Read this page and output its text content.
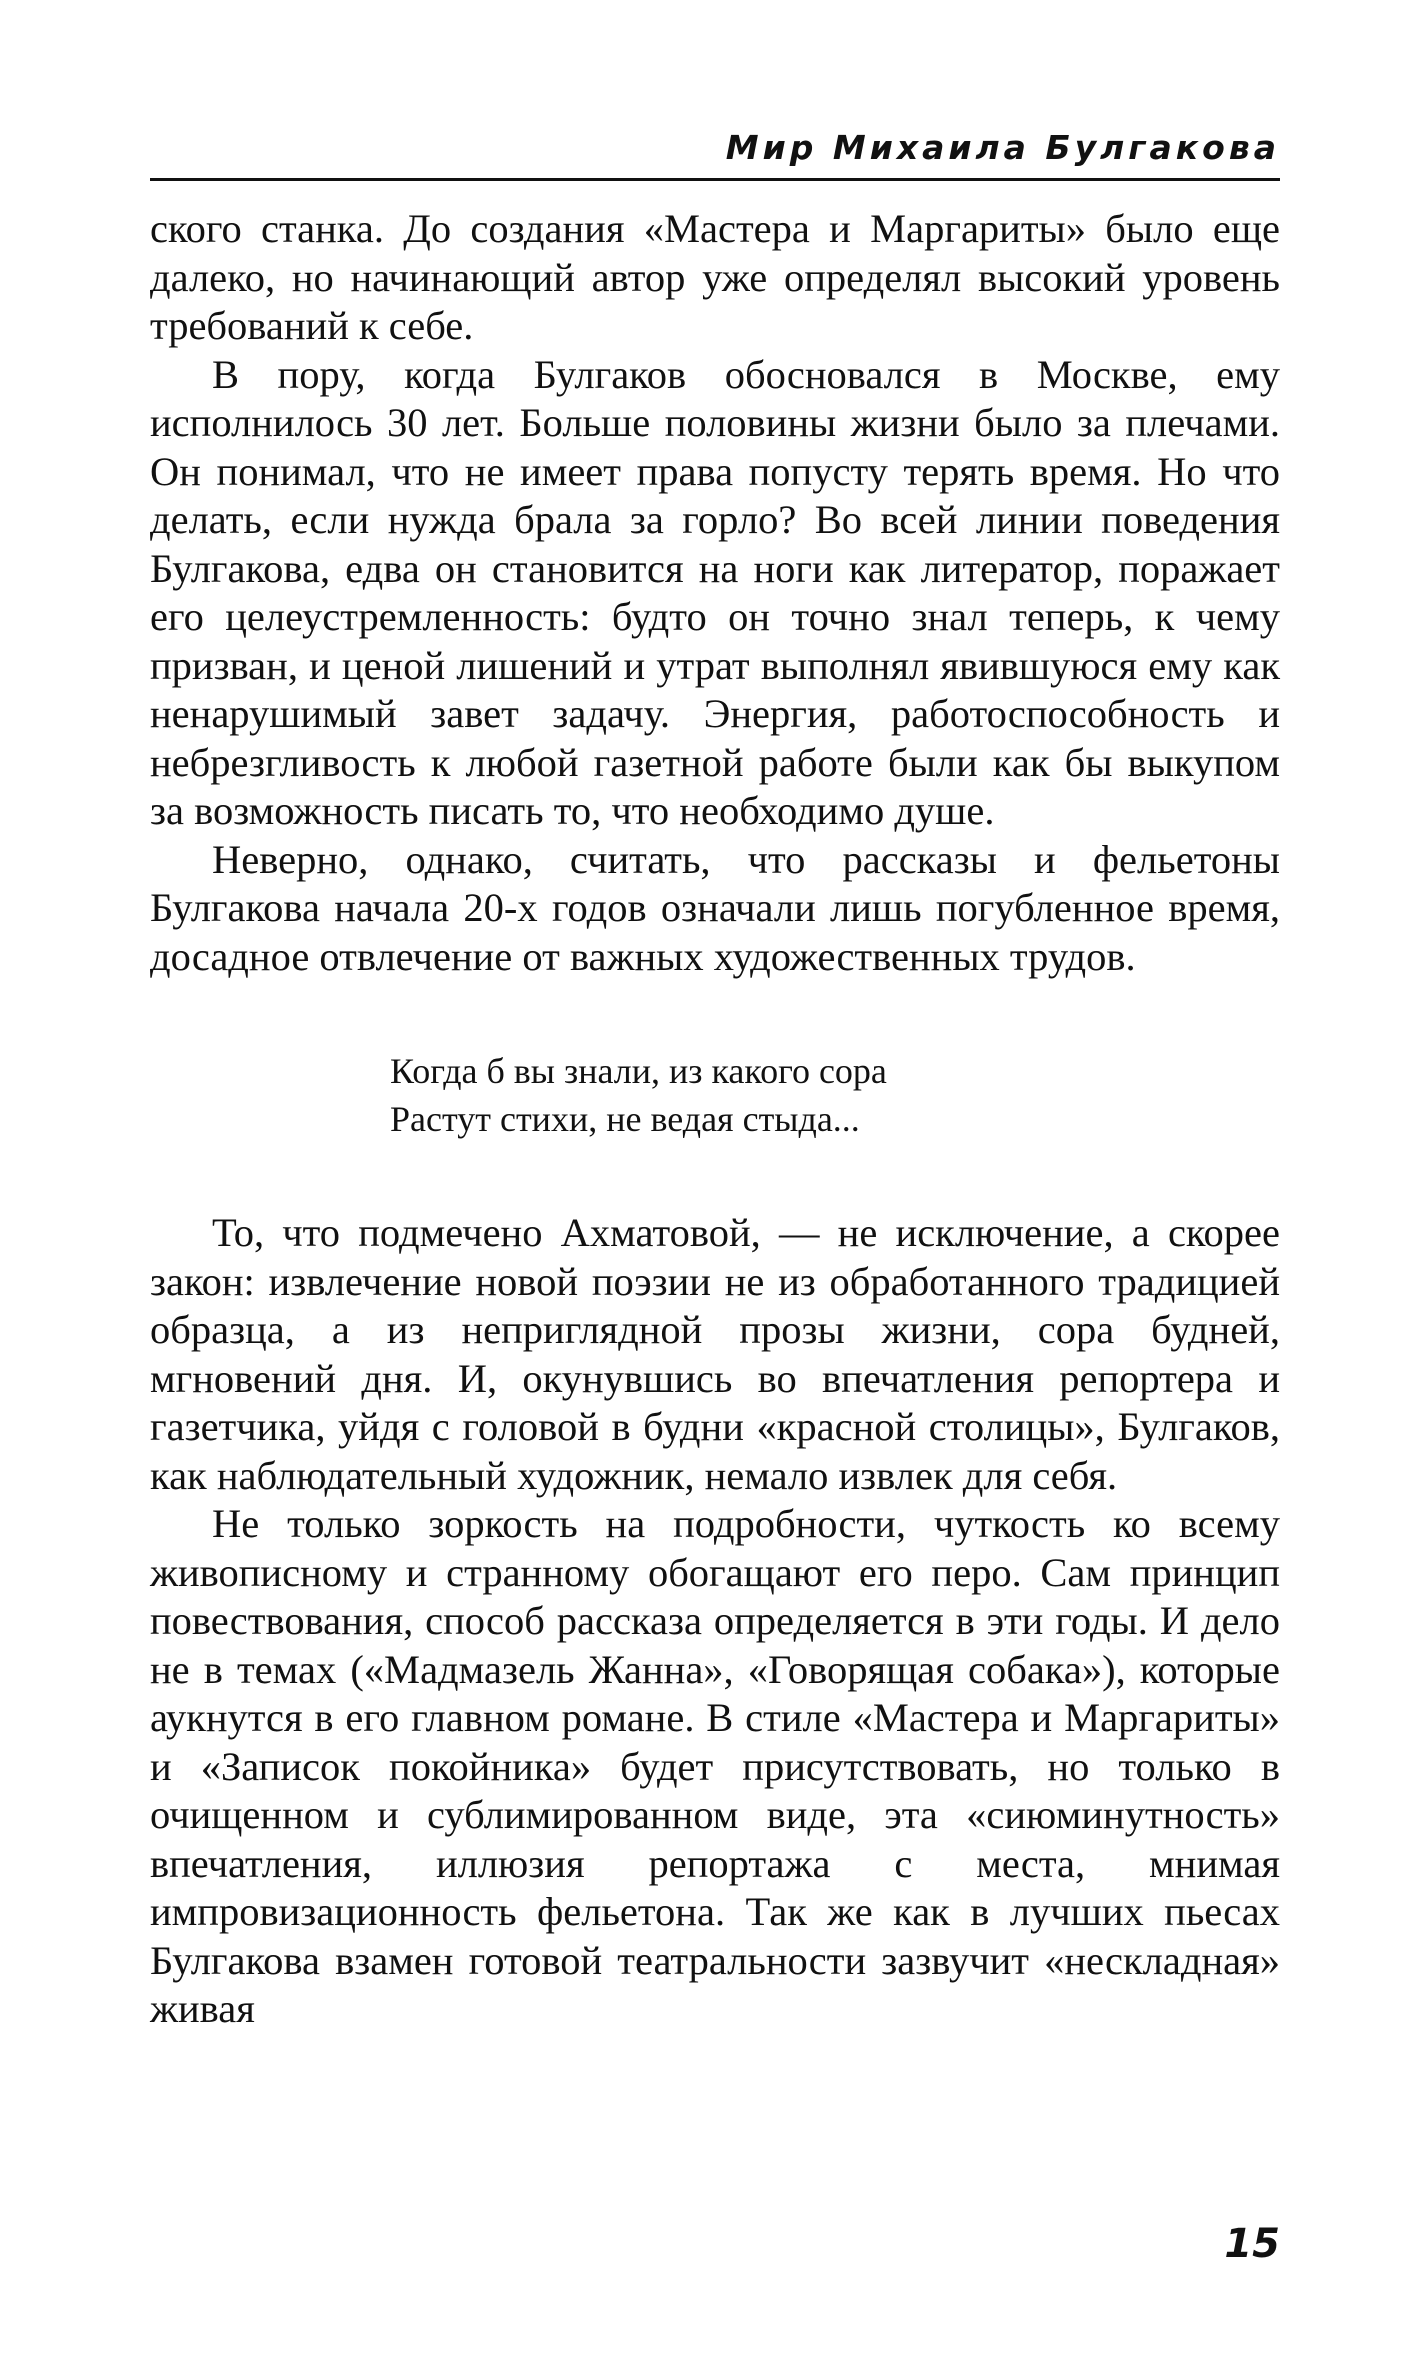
Мир Михаила Булгакова

ского станка. До создания «Мастера и Маргариты» было еще далеко, но начинающий автор уже определял высокий уровень требований к себе.

В пору, когда Булгаков обосновался в Москве, ему исполнилось 30 лет. Больше половины жизни было за плечами. Он понимал, что не имеет права попусту терять время. Но что делать, если нужда брала за горло? Во всей линии поведения Булгакова, едва он становится на ноги как литератор, поражает его целеустремленность: будто он точно знал теперь, к чему призван, и ценой лишений и утрат выполнял явившуюся ему как ненарушимый завет задачу. Энергия, работоспособность и небрезгливость к любой газетной работе были как бы выкупом за возможность писать то, что необходимо душе.

Неверно, однако, считать, что рассказы и фельетоны Булгакова начала 20-х годов означали лишь погубленное время, досадное отвлечение от важных художественных трудов.

Когда б вы знали, из какого сора
Растут стихи, не ведая стыда...

То, что подмечено Ахматовой, — не исключение, а скорее закон: извлечение новой поэзии не из обработанного традицией образца, а из неприглядной прозы жизни, сора будней, мгновений дня. И, окунувшись во впечатления репортера и газетчика, уйдя с головой в будни «красной столицы», Булгаков, как наблюдательный художник, немало извлек для себя.

Не только зоркость на подробности, чуткость ко всему живописному и странному обогащают его перо. Сам принцип повествования, способ рассказа определяется в эти годы. И дело не в темах («Мадмазель Жанна», «Говорящая собака»), которые аукнутся в его главном романе. В стиле «Мастера и Маргариты» и «Записок покойника» будет присутствовать, но только в очищенном и сублимированном виде, эта «сиюминутность» впечатления, иллюзия репортажа с места, мнимая импровизационность фельетона. Так же как в лучших пьесах Булгакова взамен готовой театральности зазвучит «нескладная» живая

15
